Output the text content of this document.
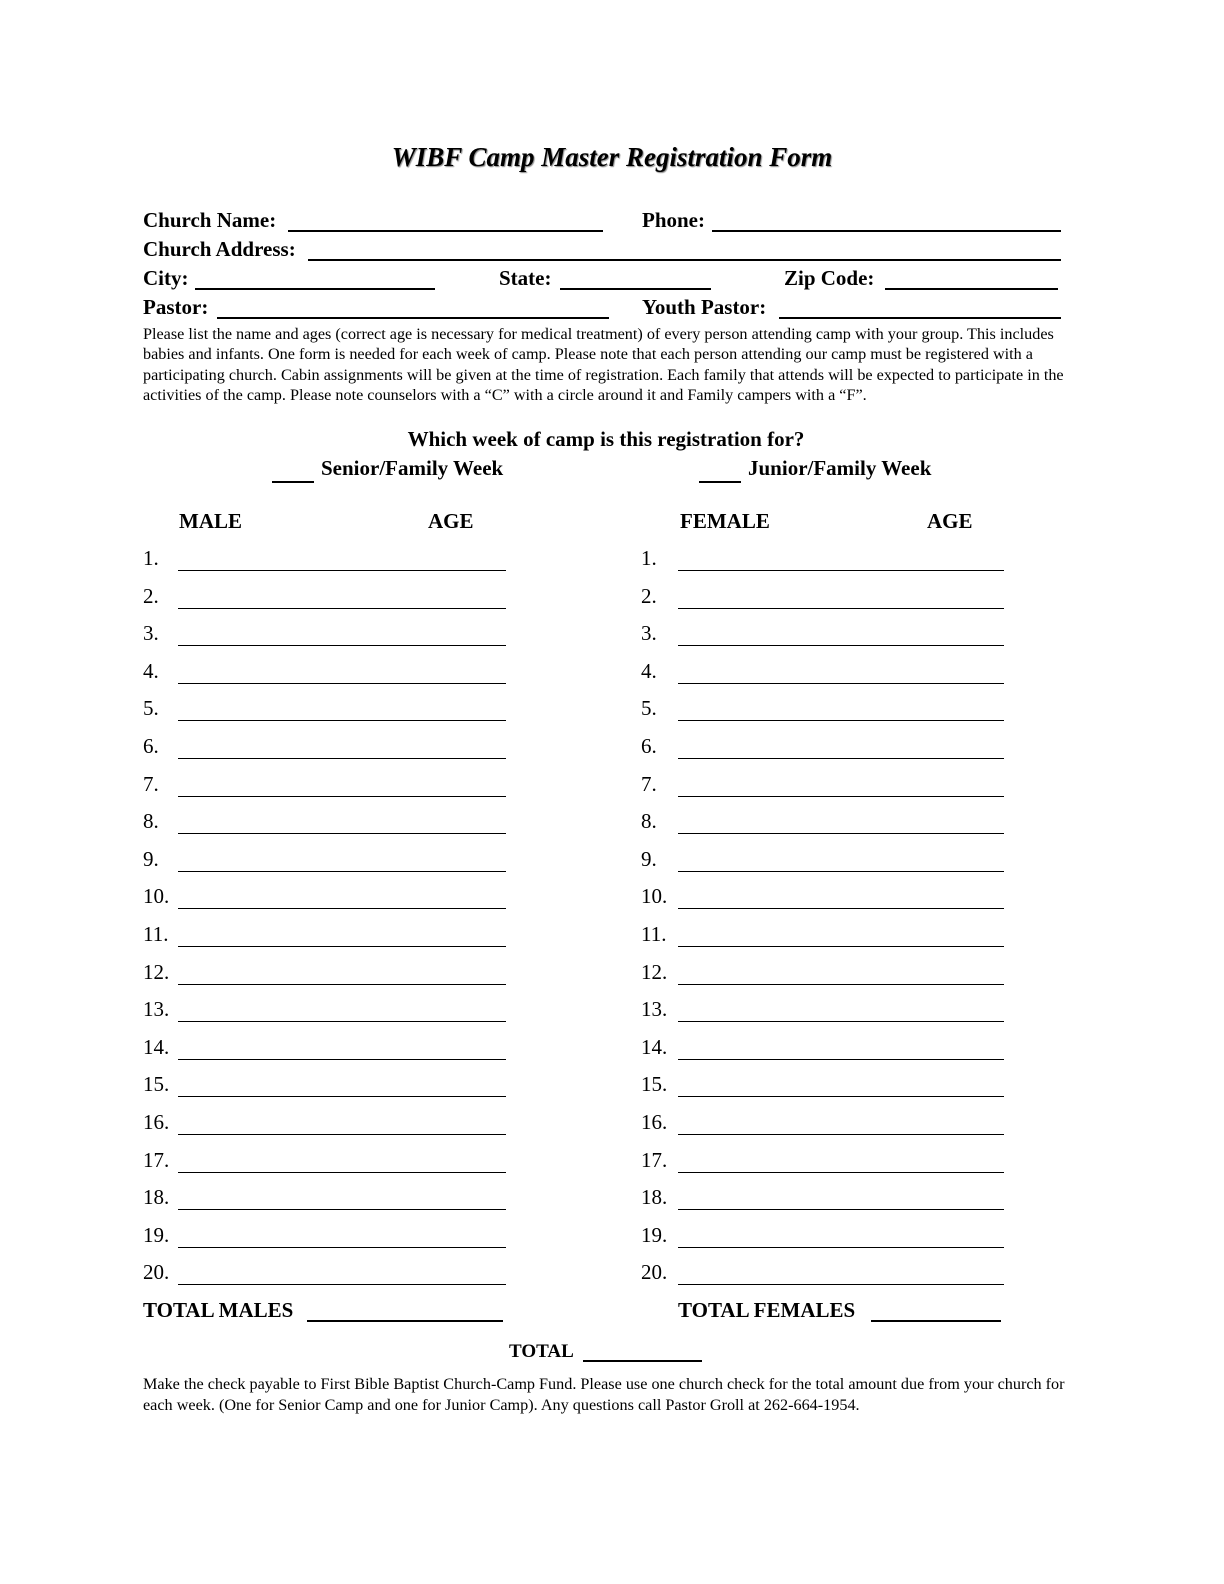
WIBF Camp Master Registration Form
Church Name:	Phone:
Church Address:
City:	State:	Zip Code:
Pastor:	Youth Pastor:
Please list the name and ages (correct age is necessary for medical treatment) of every person attending camp with your group. This includes babies and infants. One form is needed for each week of camp. Please note that each person attending our camp must be registered with a participating church. Cabin assignments will be given at the time of registration. Each family that attends will be expected to participate in the activities of the camp. Please note counselors with a “C” with a circle around it and Family campers with a “F”.
Which week of camp is this registration for?
Senior/Family Week	Junior/Family Week
MALE	AGE	FEMALE	AGE
1.	1.
2.	2.
3.	3.
4.	4.
5.	5.
6.	6.
7.	7.
8.	8.
9.	9.
10.	10.
11.	11.
12.	12.
13.	13.
14.	14.
15.	15.
16.	16.
17.	17.
18.	18.
19.	19.
20.	20.
TOTAL MALES	TOTAL FEMALES
TOTAL
Make the check payable to First Bible Baptist Church-Camp Fund. Please use one church check for the total amount due from your church for each week. (One for Senior Camp and one for Junior Camp). Any questions call Pastor Groll at 262-664-1954.
